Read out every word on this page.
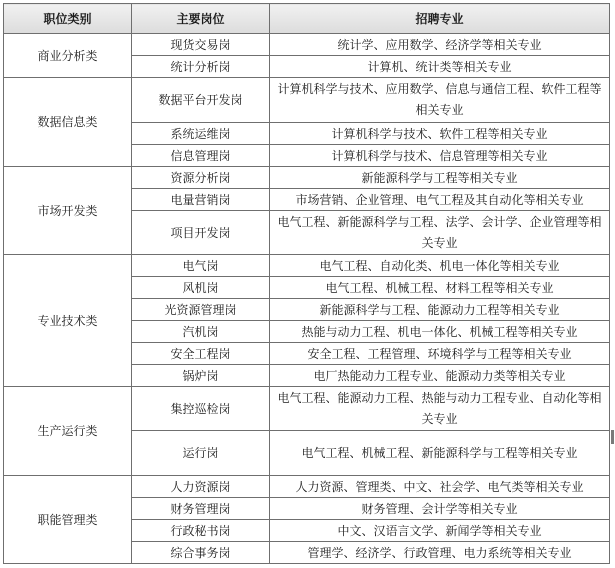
职位类别	主要岗位	招聘专业
商业分析类	现货交易岗	统计学、应用数学、经济学等相关专业
	统计分析岗	计算机、统计类等相关专业
数据信息类	数据平台开发岗	计算机科学与技术、应用数学、信息与通信工程、软件工程等相关专业
	系统运维岗	计算机科学与技术、软件工程等相关专业
	信息管理岗	计算机科学与技术、信息管理等相关专业
市场开发类	资源分析岗	新能源科学与工程等相关专业
	电量营销岗	市场营销、企业管理、电气工程及其自动化等相关专业
	项目开发岗	电气工程、新能源科学与工程、法学、会计学、企业管理等相关专业
专业技术类	电气岗	电气工程、自动化类、机电一体化等相关专业
	风机岗	电气工程、机械工程、材料工程等相关专业
	光资源管理岗	新能源科学与工程、能源动力工程等相关专业
	汽机岗	热能与动力工程、机电一体化、机械工程等相关专业
	安全工程岗	安全工程、工程管理、环境科学与工程等相关专业
	锅炉岗	电厂热能动力工程专业、能源动力类等相关专业
生产运行类	集控巡检岗	电气工程、能源动力工程、热能与动力工程专业、自动化等相关专业
	运行岗	电气工程、机械工程、新能源科学与工程等相关专业
职能管理类	人力资源岗	人力资源、管理类、中文、社会学、电气类等相关专业
	财务管理岗	财务管理、会计学等相关专业
	行政秘书岗	中文、汉语言文学、新闻学等相关专业
	综合事务岗	管理学、经济学、行政管理、电力系统等相关专业
